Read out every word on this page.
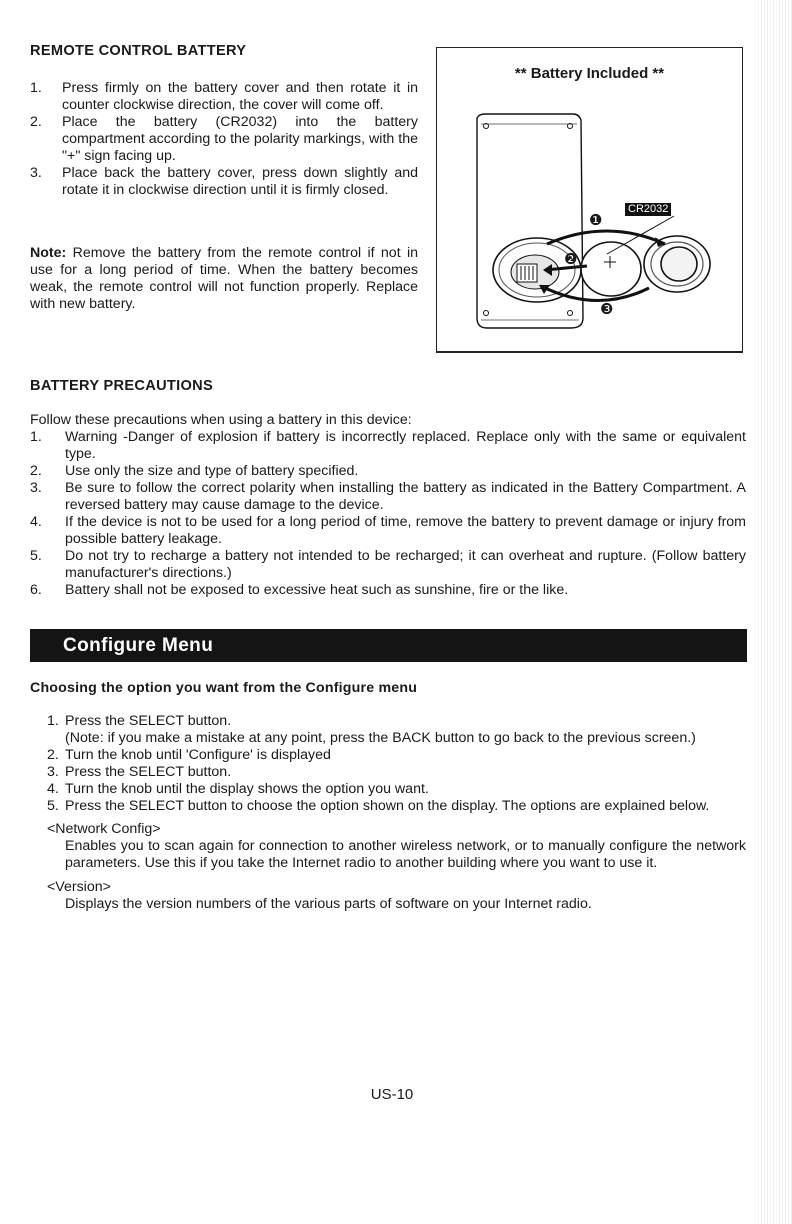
REMOTE CONTROL BATTERY
1.	Press firmly on the battery cover and then rotate it in counter clockwise direction, the cover will come off.
2.	Place the battery (CR2032) into the battery compartment according to the polarity markings, with the "+" sign facing up.
3.	Place back the battery cover, press down slightly and rotate it in clockwise direction until it is firmly closed.

Note: Remove the battery from the remote control if not in use for a long period of time. When the battery becomes weak, the remote control will not function properly. Replace with new battery.

** Battery Included **
CR2032
❶
❷
❸
BATTERY PRECAUTIONS

Follow these precautions when using a battery in this device:

1.	Warning -Danger of explosion if battery is incorrectly replaced. Replace only with the same or equivalent type.
2.	Use only the size and type of battery specified.
3.	Be sure to follow the correct polarity when installing the battery as indicated in the Battery Compartment. A reversed battery may cause damage to the device.
4.	If the device is not to be used for a long period of time, remove the battery to prevent damage or injury from possible battery leakage.
5.	Do not try to recharge a battery not intended to be recharged; it can overheat and rupture. (Follow battery manufacturer's directions.)
6.	Battery shall not be exposed to excessive heat such as sunshine, fire or the like.
Configure Menu
Choosing the option you want from the Configure menu
1. Press the SELECT button.
(Note: if you make a mistake at any point, press the BACK button to go back to the previous screen.)
2. Turn the knob until 'Configure' is displayed
3. Press the SELECT button.
4. Turn the knob until the display shows the option you want.
5. Press the SELECT button to choose the option shown on the display. The options are explained below.
<Network Config>
Enables you to scan again for connection to another wireless network, or to manually configure the network parameters. Use this if you take the Internet radio to another building where you want to use it.
<Version>
Displays the version numbers of the various parts of software on your Internet radio.
US-10
